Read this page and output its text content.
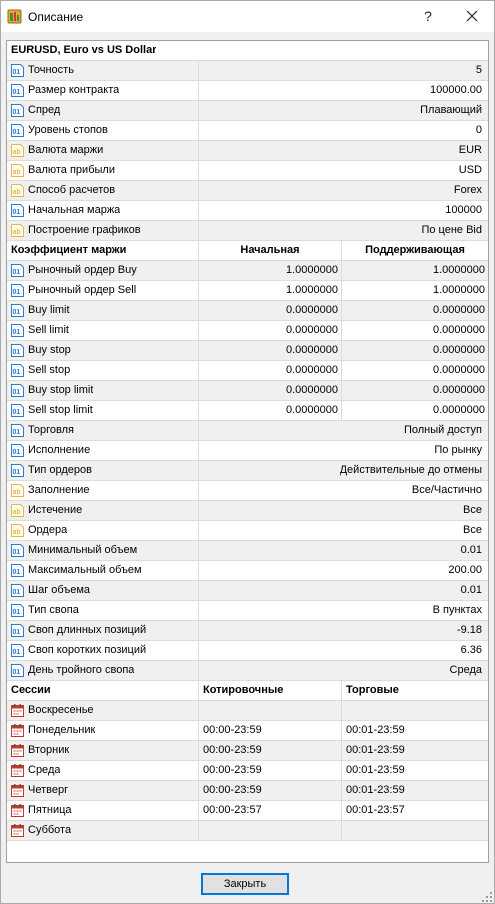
Описание	?
EURUSD, Euro vs US Dollar
01 Точность	5
01 Размер контракта	100000.00
01 Спред	Плавающий
01 Уровень стопов	0
ab Валюта маржи	EUR
ab Валюта прибыли	USD
ab Способ расчетов	Forex
01 Начальная маржа	100000
ab Построение графиков	По цене Bid
Коэффициент маржи	Начальная	Поддерживающая
01 Рыночный ордер Buy	1.0000000	1.0000000
01 Рыночный ордер Sell	1.0000000	1.0000000
01 Buy limit	0.0000000	0.0000000
01 Sell limit	0.0000000	0.0000000
01 Buy stop	0.0000000	0.0000000
01 Sell stop	0.0000000	0.0000000
01 Buy stop limit	0.0000000	0.0000000
01 Sell stop limit	0.0000000	0.0000000
01 Торговля	Полный доступ
01 Исполнение	По рынку
01 Тип ордеров	Действительные до отмены
ab Заполнение	Все/Частично
ab Истечение	Все
ab Ордера	Все
01 Минимальный объем	0.01
01 Максимальный объем	200.00
01 Шаг объема	0.01
01 Тип свопа	В пунктах
01 Своп длинных позиций	-9.18
01 Своп коротких позиций	6.36
01 День тройного свопа	Среда
Сессии	Котировочные	Торговые
Воскресенье
Понедельник	00:00-23:59	00:01-23:59
Вторник	00:00-23:59	00:01-23:59
Среда	00:00-23:59	00:01-23:59
Четверг	00:00-23:59	00:01-23:59
Пятница	00:00-23:57	00:01-23:57
Суббота
Закрыть
